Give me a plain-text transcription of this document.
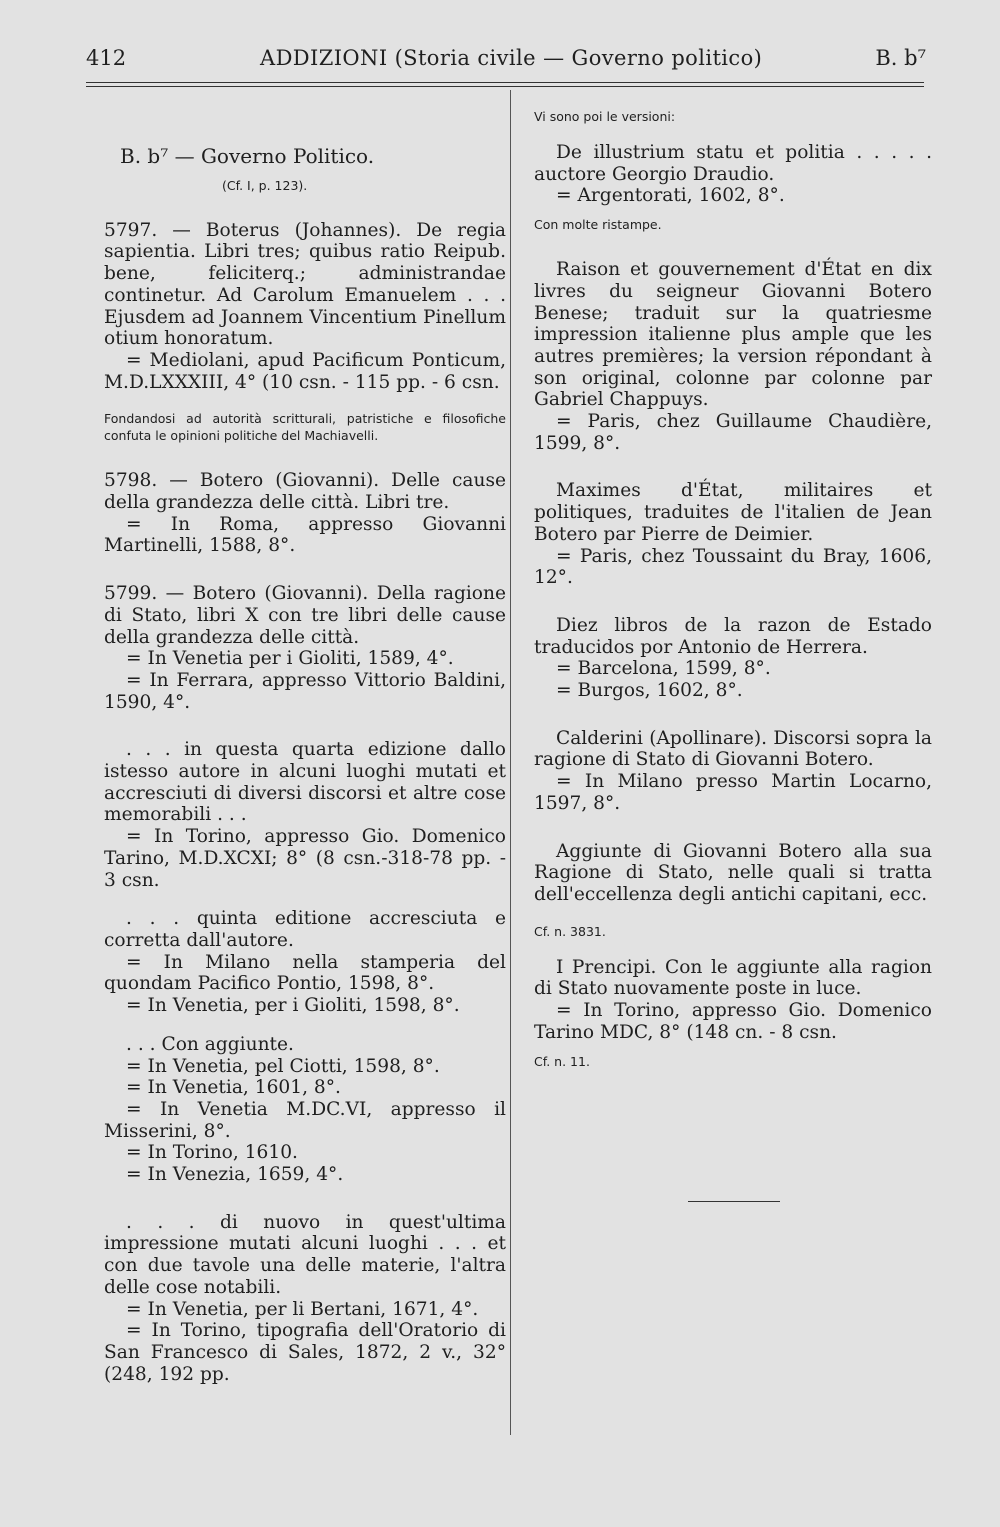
412	ADDIZIONI (Storia civile — Governo politico)	B. b⁷

B. b⁷ — Governo Politico.

(Cf. I, p. 123).

5797. — Boterus (Johannes). De regia sapientia. Libri tres; quibus ratio Reipub. bene, feliciterq.; administrandae continetur. Ad Carolum Emanuelem . . . Ejusdem ad Joannem Vincentium Pinellum otium honoratum.

= Mediolani, apud Pacificum Ponticum, M.D.LXXXIII, 4° (10 csn. - 115 pp. - 6 csn.

Fondandosi ad autorità scritturali, patristiche e filosofiche confuta le opinioni politiche del Machiavelli.

5798. — Botero (Giovanni). Delle cause della grandezza delle città. Libri tre.

= In Roma, appresso Giovanni Martinelli, 1588, 8°.

5799. — Botero (Giovanni). Della ragione di Stato, libri X con tre libri delle cause della grandezza delle città.

= In Venetia per i Gioliti, 1589, 4°.

= In Ferrara, appresso Vittorio Baldini, 1590, 4°.

. . . in questa quarta edizione dallo istesso autore in alcuni luoghi mutati et accresciuti di diversi discorsi et altre cose memorabili . . .

= In Torino, appresso Gio. Domenico Tarino, M.D.XCXI; 8° (8 csn.-318-78 pp. - 3 csn.

. . . quinta editione accresciuta e corretta dall'autore.

= In Milano nella stamperia del quondam Pacifico Pontio, 1598, 8°.

= In Venetia, per i Gioliti, 1598, 8°.

. . . Con aggiunte.

= In Venetia, pel Ciotti, 1598, 8°.

= In Venetia, 1601, 8°.

= In Venetia M.DC.VI, appresso il Misserini, 8°.

= In Torino, 1610.

= In Venezia, 1659, 4°.

. . . di nuovo in quest'ultima impressione mutati alcuni luoghi . . . et con due tavole una delle materie, l'altra delle cose notabili.

= In Venetia, per li Bertani, 1671, 4°.

= In Torino, tipografia dell'Oratorio di San Francesco di Sales, 1872, 2 v., 32° (248, 192 pp.

Vi sono poi le versioni:

De illustrium statu et politia . . . . . auctore Georgio Draudio.

= Argentorati, 1602, 8°.

Con molte ristampe.

Raison et gouvernement d'État en dix livres du seigneur Giovanni Botero Benese; traduit sur la quatriesme impression italienne plus ample que les autres premières; la version répondant à son original, colonne par colonne par Gabriel Chappuys.

= Paris, chez Guillaume Chaudière, 1599, 8°.

Maximes d'État, militaires et politiques, traduites de l'italien de Jean Botero par Pierre de Deimier.

= Paris, chez Toussaint du Bray, 1606, 12°.

Diez libros de la razon de Estado traducidos por Antonio de Herrera.

= Barcelona, 1599, 8°.

= Burgos, 1602, 8°.

Calderini (Apollinare). Discorsi sopra la ragione di Stato di Giovanni Botero.

= In Milano presso Martin Locarno, 1597, 8°.

Aggiunte di Giovanni Botero alla sua Ragione di Stato, nelle quali si tratta dell'eccellenza degli antichi capitani, ecc.

Cf. n. 3831.

I Prencipi. Con le aggiunte alla ragion di Stato nuovamente poste in luce.

= In Torino, appresso Gio. Domenico Tarino MDC, 8° (148 cn. - 8 csn.

Cf. n. 11.
